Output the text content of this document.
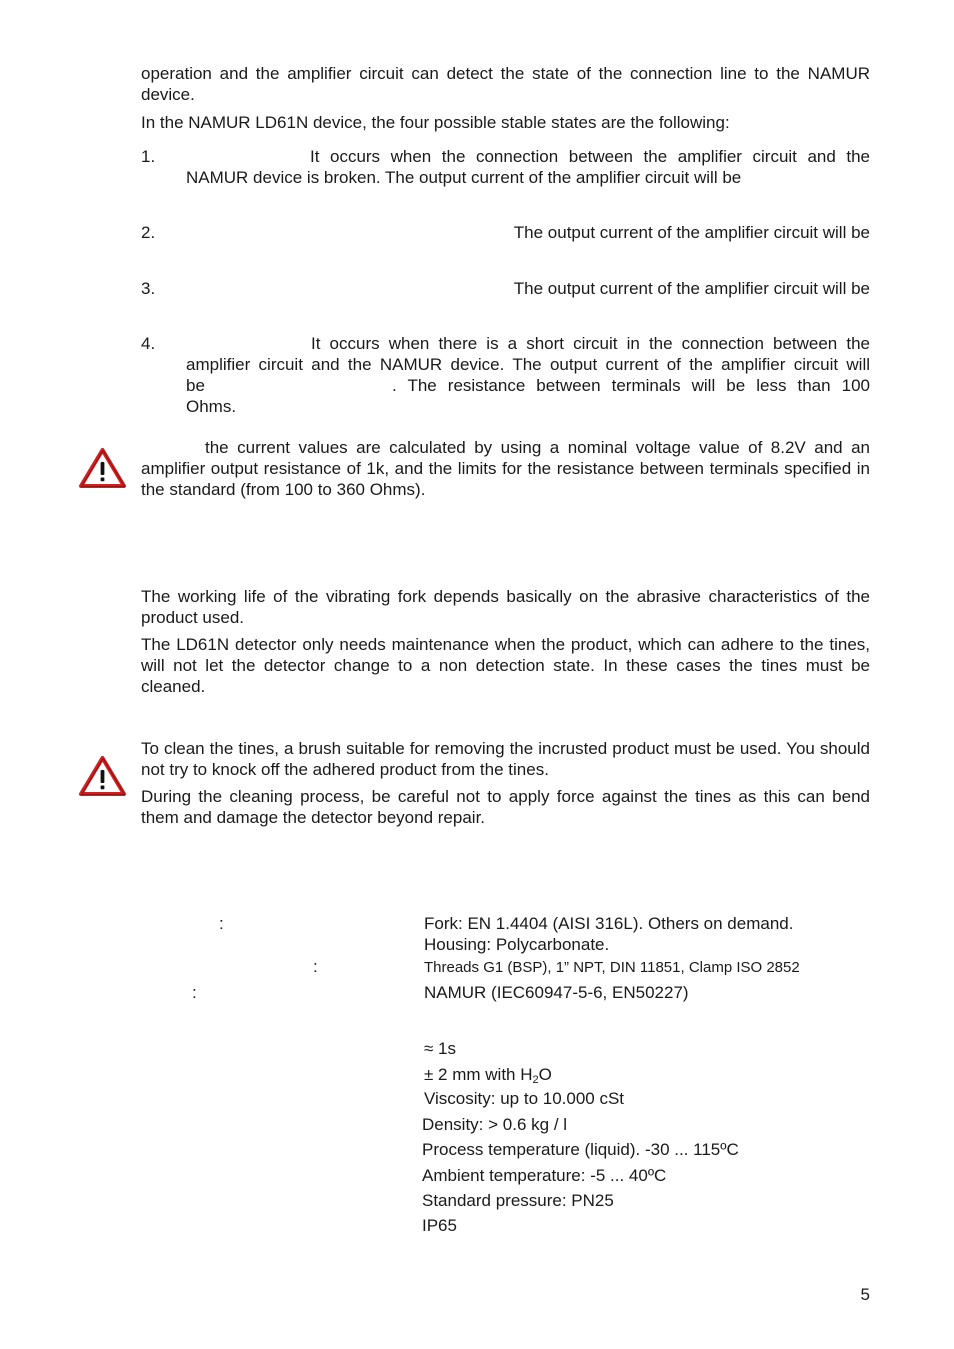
operation and the amplifier circuit can detect the state of the connection line to the NAMUR device.

In the NAMUR LD61N device, the four possible stable states are the following:

1.	It occurs when the connection between the amplifier circuit and the

NAMUR device is broken. The output current of the amplifier circuit will be

2.	The output current of the amplifier circuit will be

3.	The output current of the amplifier circuit will be

4.	It occurs when there is a short circuit in the connection between the

amplifier circuit and the NAMUR device. The output current of the amplifier circuit will

be	. The resistance between terminals will be less than 100

Ohms.

the current values are calculated by using a nominal voltage value of 8.2V and an amplifier output resistance of 1k, and the limits for the resistance between terminals specified in the standard (from 100 to 360 Ohms).

The working life of the vibrating fork depends basically on the abrasive characteristics of the product used.

The LD61N detector only needs maintenance when the product, which can adhere to the tines, will not let the detector change to a non detection state. In these cases the tines must be cleaned.

To clean the tines, a brush suitable for removing the incrusted product must be used. You should not try to knock off the adhered product from the tines.

During the cleaning process, be careful not to apply force against the tines as this can bend them and damage the detector beyond repair.

:	Fork: EN 1.4404 (AISI 316L). Others on demand.
Housing: Polycarbonate.
:	Threads G1 (BSP), 1” NPT, DIN 11851, Clamp ISO 2852
:	NAMUR (IEC60947-5-6, EN50227)
≈ 1s
± 2 mm with $H_2O$
Viscosity: up to 10.000 cSt
Density: > 0.6 kg / l
Process temperature (liquid). -30 ... 115ºC
Ambient temperature: -5 ... 40ºC
Standard pressure: PN25
IP65
5
